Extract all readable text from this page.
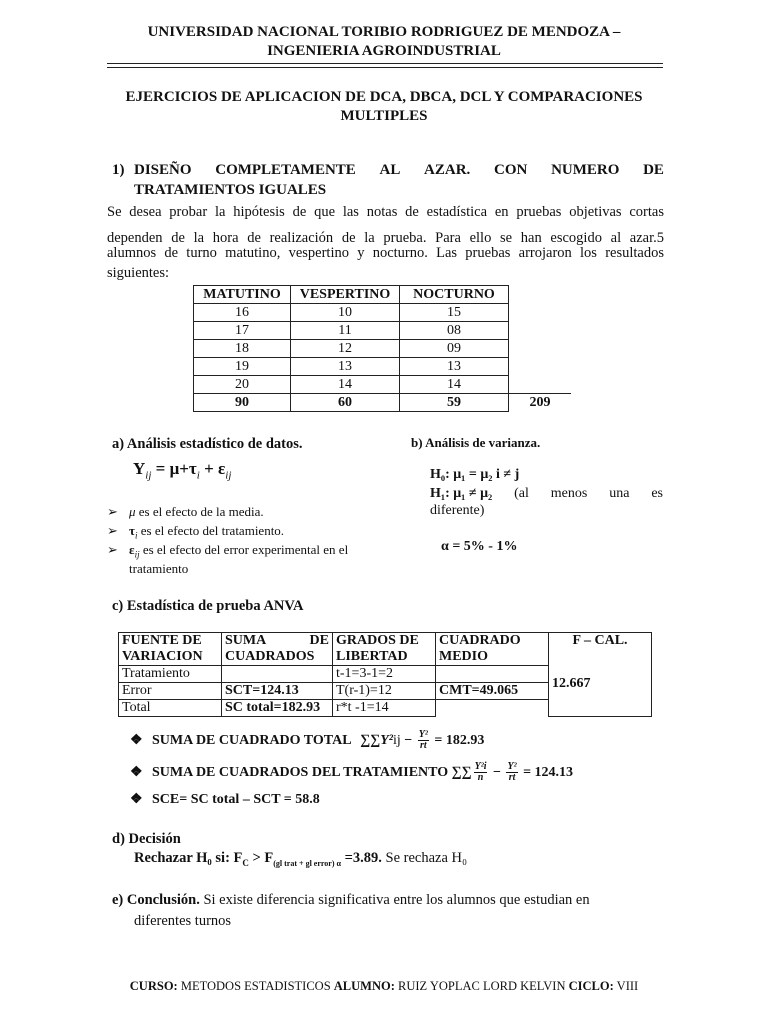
UNIVERSIDAD NACIONAL TORIBIO RODRIGUEZ DE MENDOZA –
INGENIERIA AGROINDUSTRIAL
EJERCICIOS DE APLICACION DE DCA, DBCA, DCL Y COMPARACIONES
MULTIPLES
1) DISEÑO COMPLETAMENTE AL AZAR. CON NUMERO DE
TRATAMIENTOS IGUALES
Se desea probar la hipótesis de que las notas de estadística en pruebas objetivas cortas
dependen de la hora de realización de la prueba. Para ello se han escogido al azar.5
alumnos de turno matutino, vespertino y nocturno. Las pruebas arrojaron los resultados
siguientes:
MATUTINO	VESPERTINO	NOCTURNO	
16	10	15	
17	11	08	
18	12	09	
19	13	13	
20	14	14	
90	60	59	209
a) Análisis estadístico de datos.
$Y_{ij} = \mu+\tau_i + \varepsilon_{ij}$
➢ μ es el efecto de la media.
➢ $\tau_i$ es el efecto del tratamiento.
➢ $\varepsilon_{ij}$ es el efecto del error experimental en el
tratamiento
b) Análisis de varianza.
H₀: μ₁ = μ₂ i ≠ j
H₁: μ₁ ≠ μ₂ (al menos una es
diferente)
α = 5% - 1%
c) Estadística de prueba ANVA
FUENTE DE	SUMA DE	GRADOS DE	CUADRADO	F – CAL.
VARIACION	CUADRADOS	LIBERTAD	MEDIO	
Tratamiento		t-1=3-1=2		12.667
Error	SCT=124.13	T(r-1)=12	CMT=49.065	
Total	SC total=182.93	r*t -1=14		
❖ SUMA DE CUADRADO TOTAL $\sum\sum Y^2ij - \frac{\text{Y²}}{rt} = 182.93$
❖ SUMA DE CUADRADOS DEL TRATAMIENTO ∑∑ $\frac{\text{Y²i}}{n} - \frac{\text{Y²}}{rt} = 124.13$
❖ SCE= SC total – SCT = 58.8
d) Decisión
Rechazar H₀ si: $F_C > F_{(gl trat + gl error) \alpha} =3.89$. Se rechaza H₀
e) Conclusión. Si existe diferencia significativa entre los alumnos que estudian en
diferentes turnos
CURSO: METODOS ESTADISTICOS ALUMNO: RUIZ YOPLAC LORD KELVIN CICLO: VIII
